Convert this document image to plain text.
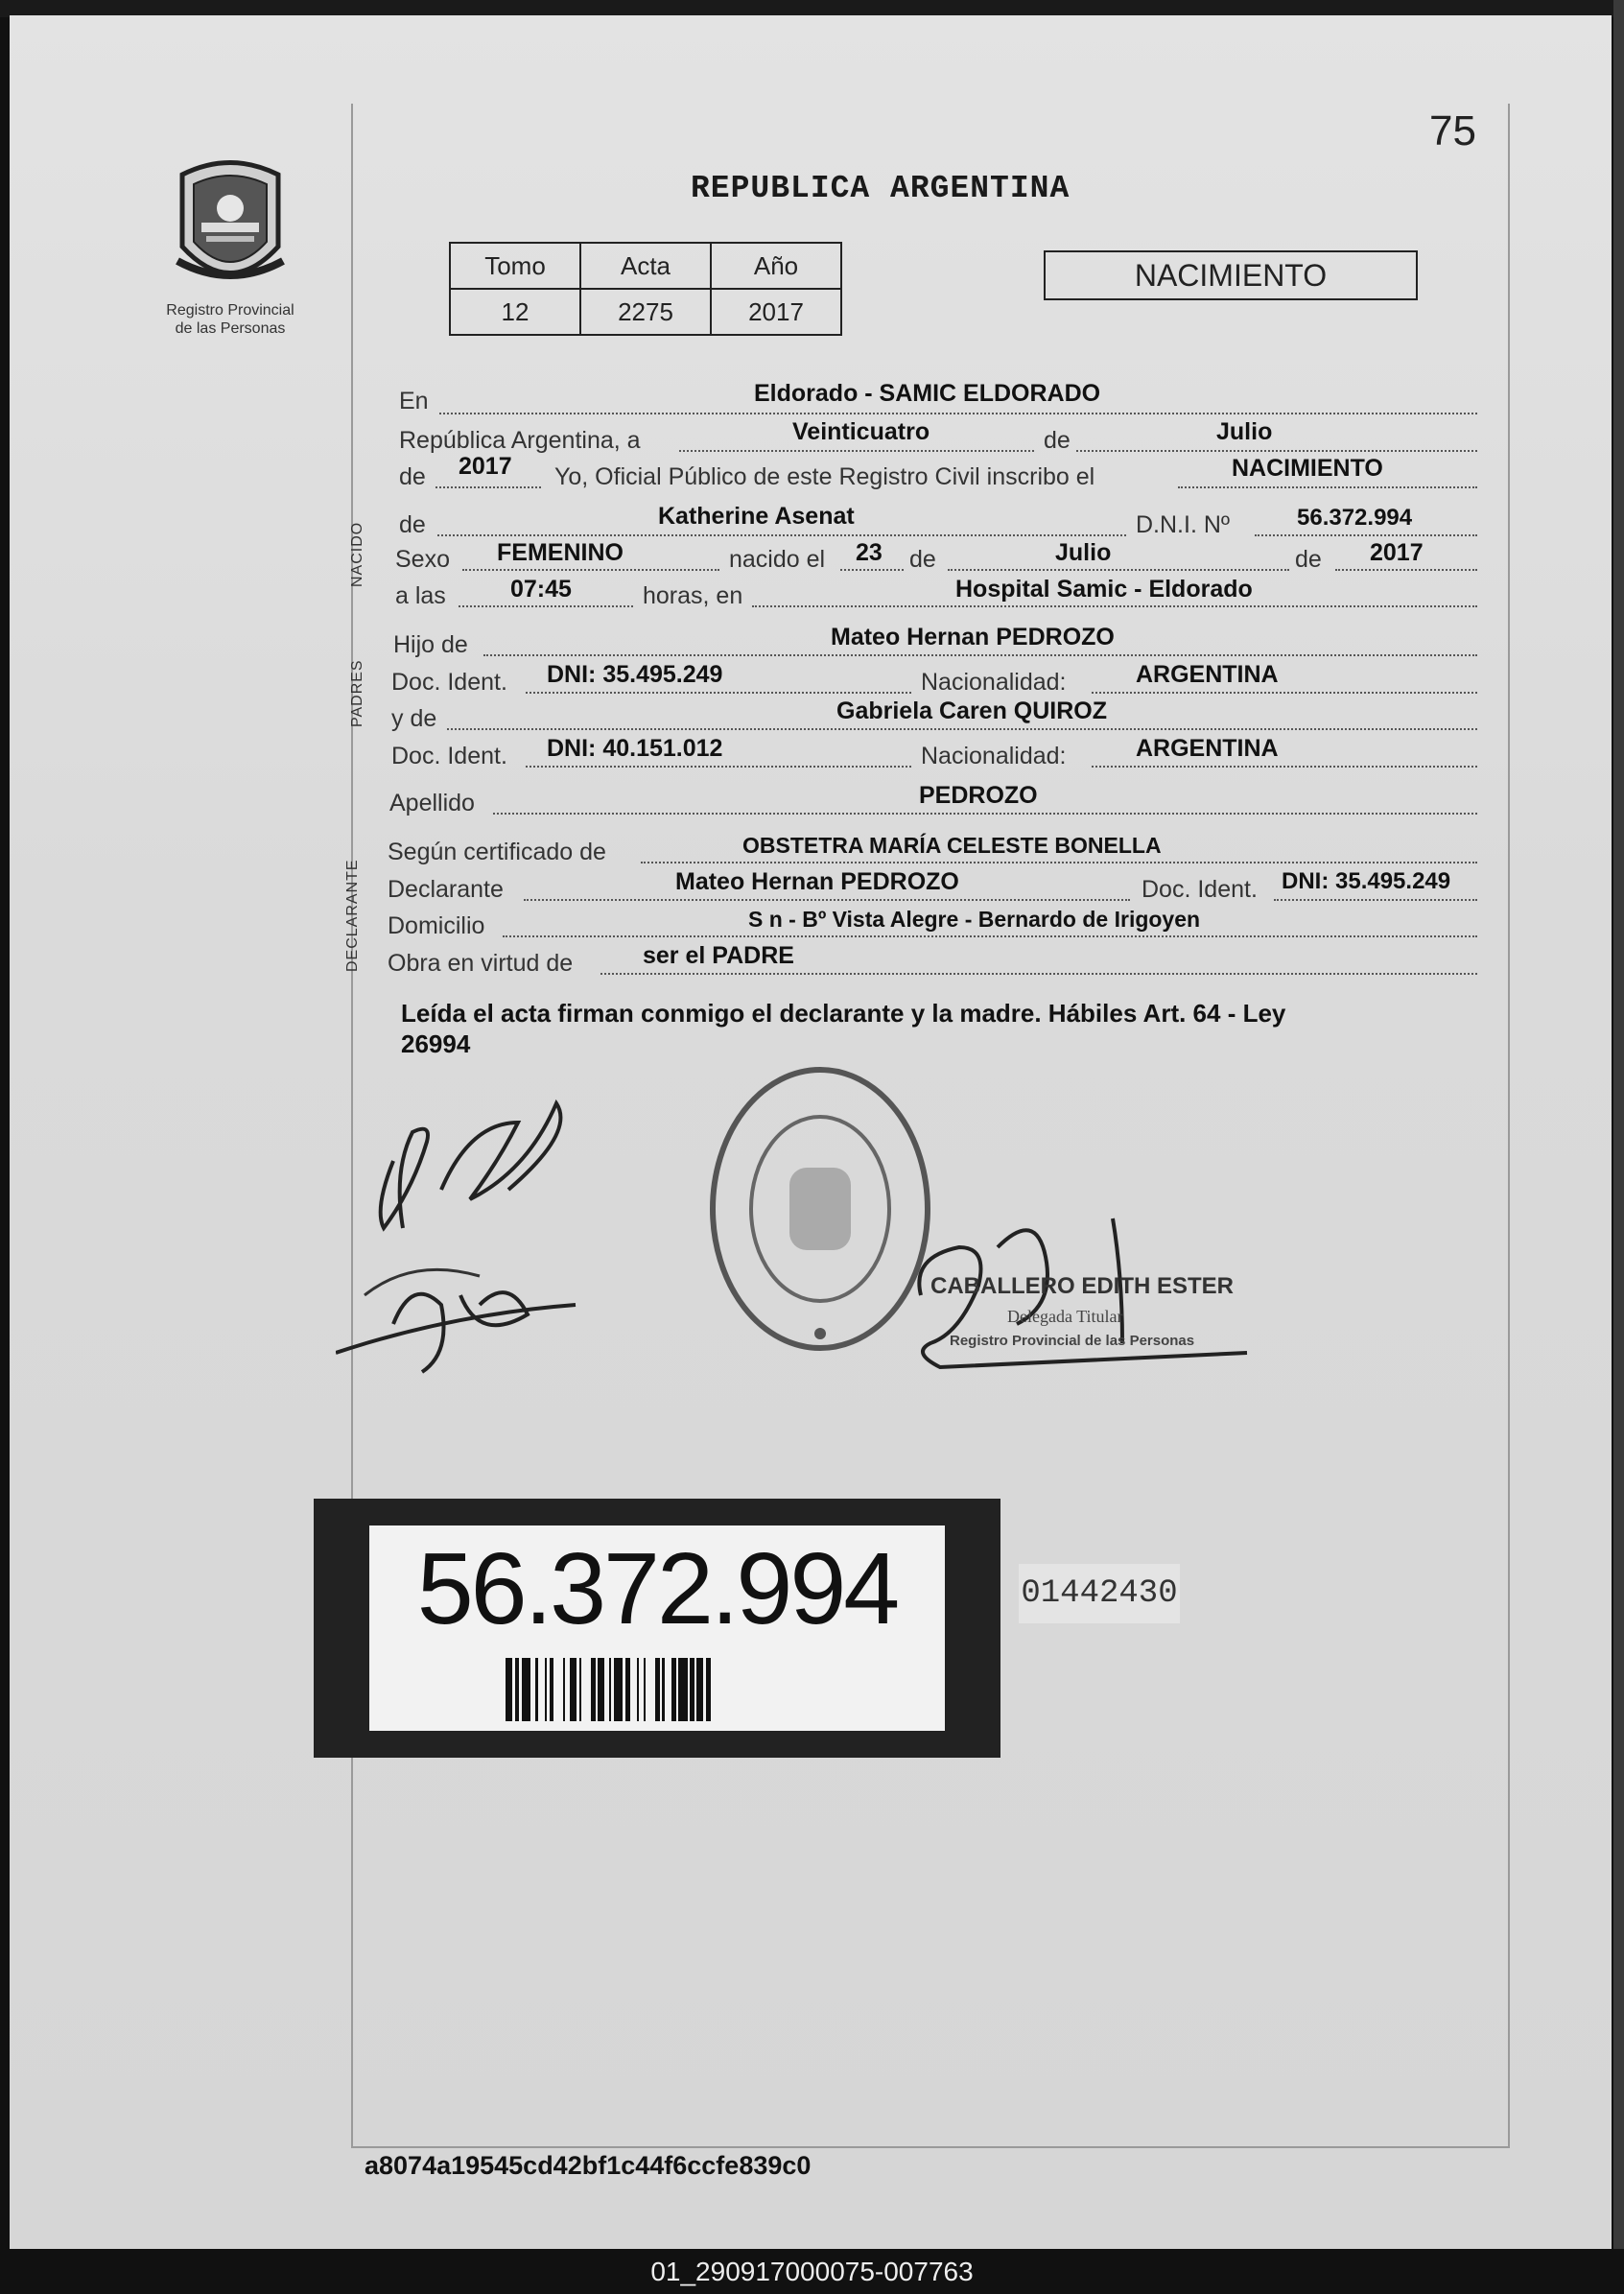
75
REPUBLICA ARGENTINA
Registro Provincial
de las Personas
Tomo	Acta	Año
12	2275	2017
NACIMIENTO
NACIDO
PADRES
DECLARANTE
En	Eldorado - SAMIC ELDORADO
República Argentina, a	Veinticuatro	de	Julio
de 2017 Yo, Oficial Público de este Registro Civil inscribo el	NACIMIENTO
de	Katherine Asenat	D.N.I. Nº	56.372.994
Sexo FEMENINO	nacido el 23 de	Julio	de 2017
a las	07:45	horas, en	Hospital Samic - Eldorado
Hijo de	Mateo Hernan PEDROZO
Doc. Ident. DNI: 35.495.249	Nacionalidad:	ARGENTINA
y de	Gabriela Caren QUIROZ
Doc. Ident. DNI: 40.151.012	Nacionalidad:	ARGENTINA
Apellido	PEDROZO
Según certificado de	OBSTETRA MARÍA CELESTE BONELLA
Declarante	Mateo Hernan PEDROZO	Doc. Ident. DNI: 35.495.249
Domicilio	S n - Bº Vista Alegre - Bernardo de Irigoyen
Obra en virtud de	ser el PADRE
Leída el acta firman conmigo el declarante y la madre. Hábiles Art. 64 - Ley
26994
CABALLERO EDITH ESTER
Delegada Titular
Registro Provincial de las Personas
56.372.994	01442430
a8074a19545cd42bf1c44f6ccfe839c0
01_290917000075-007763
